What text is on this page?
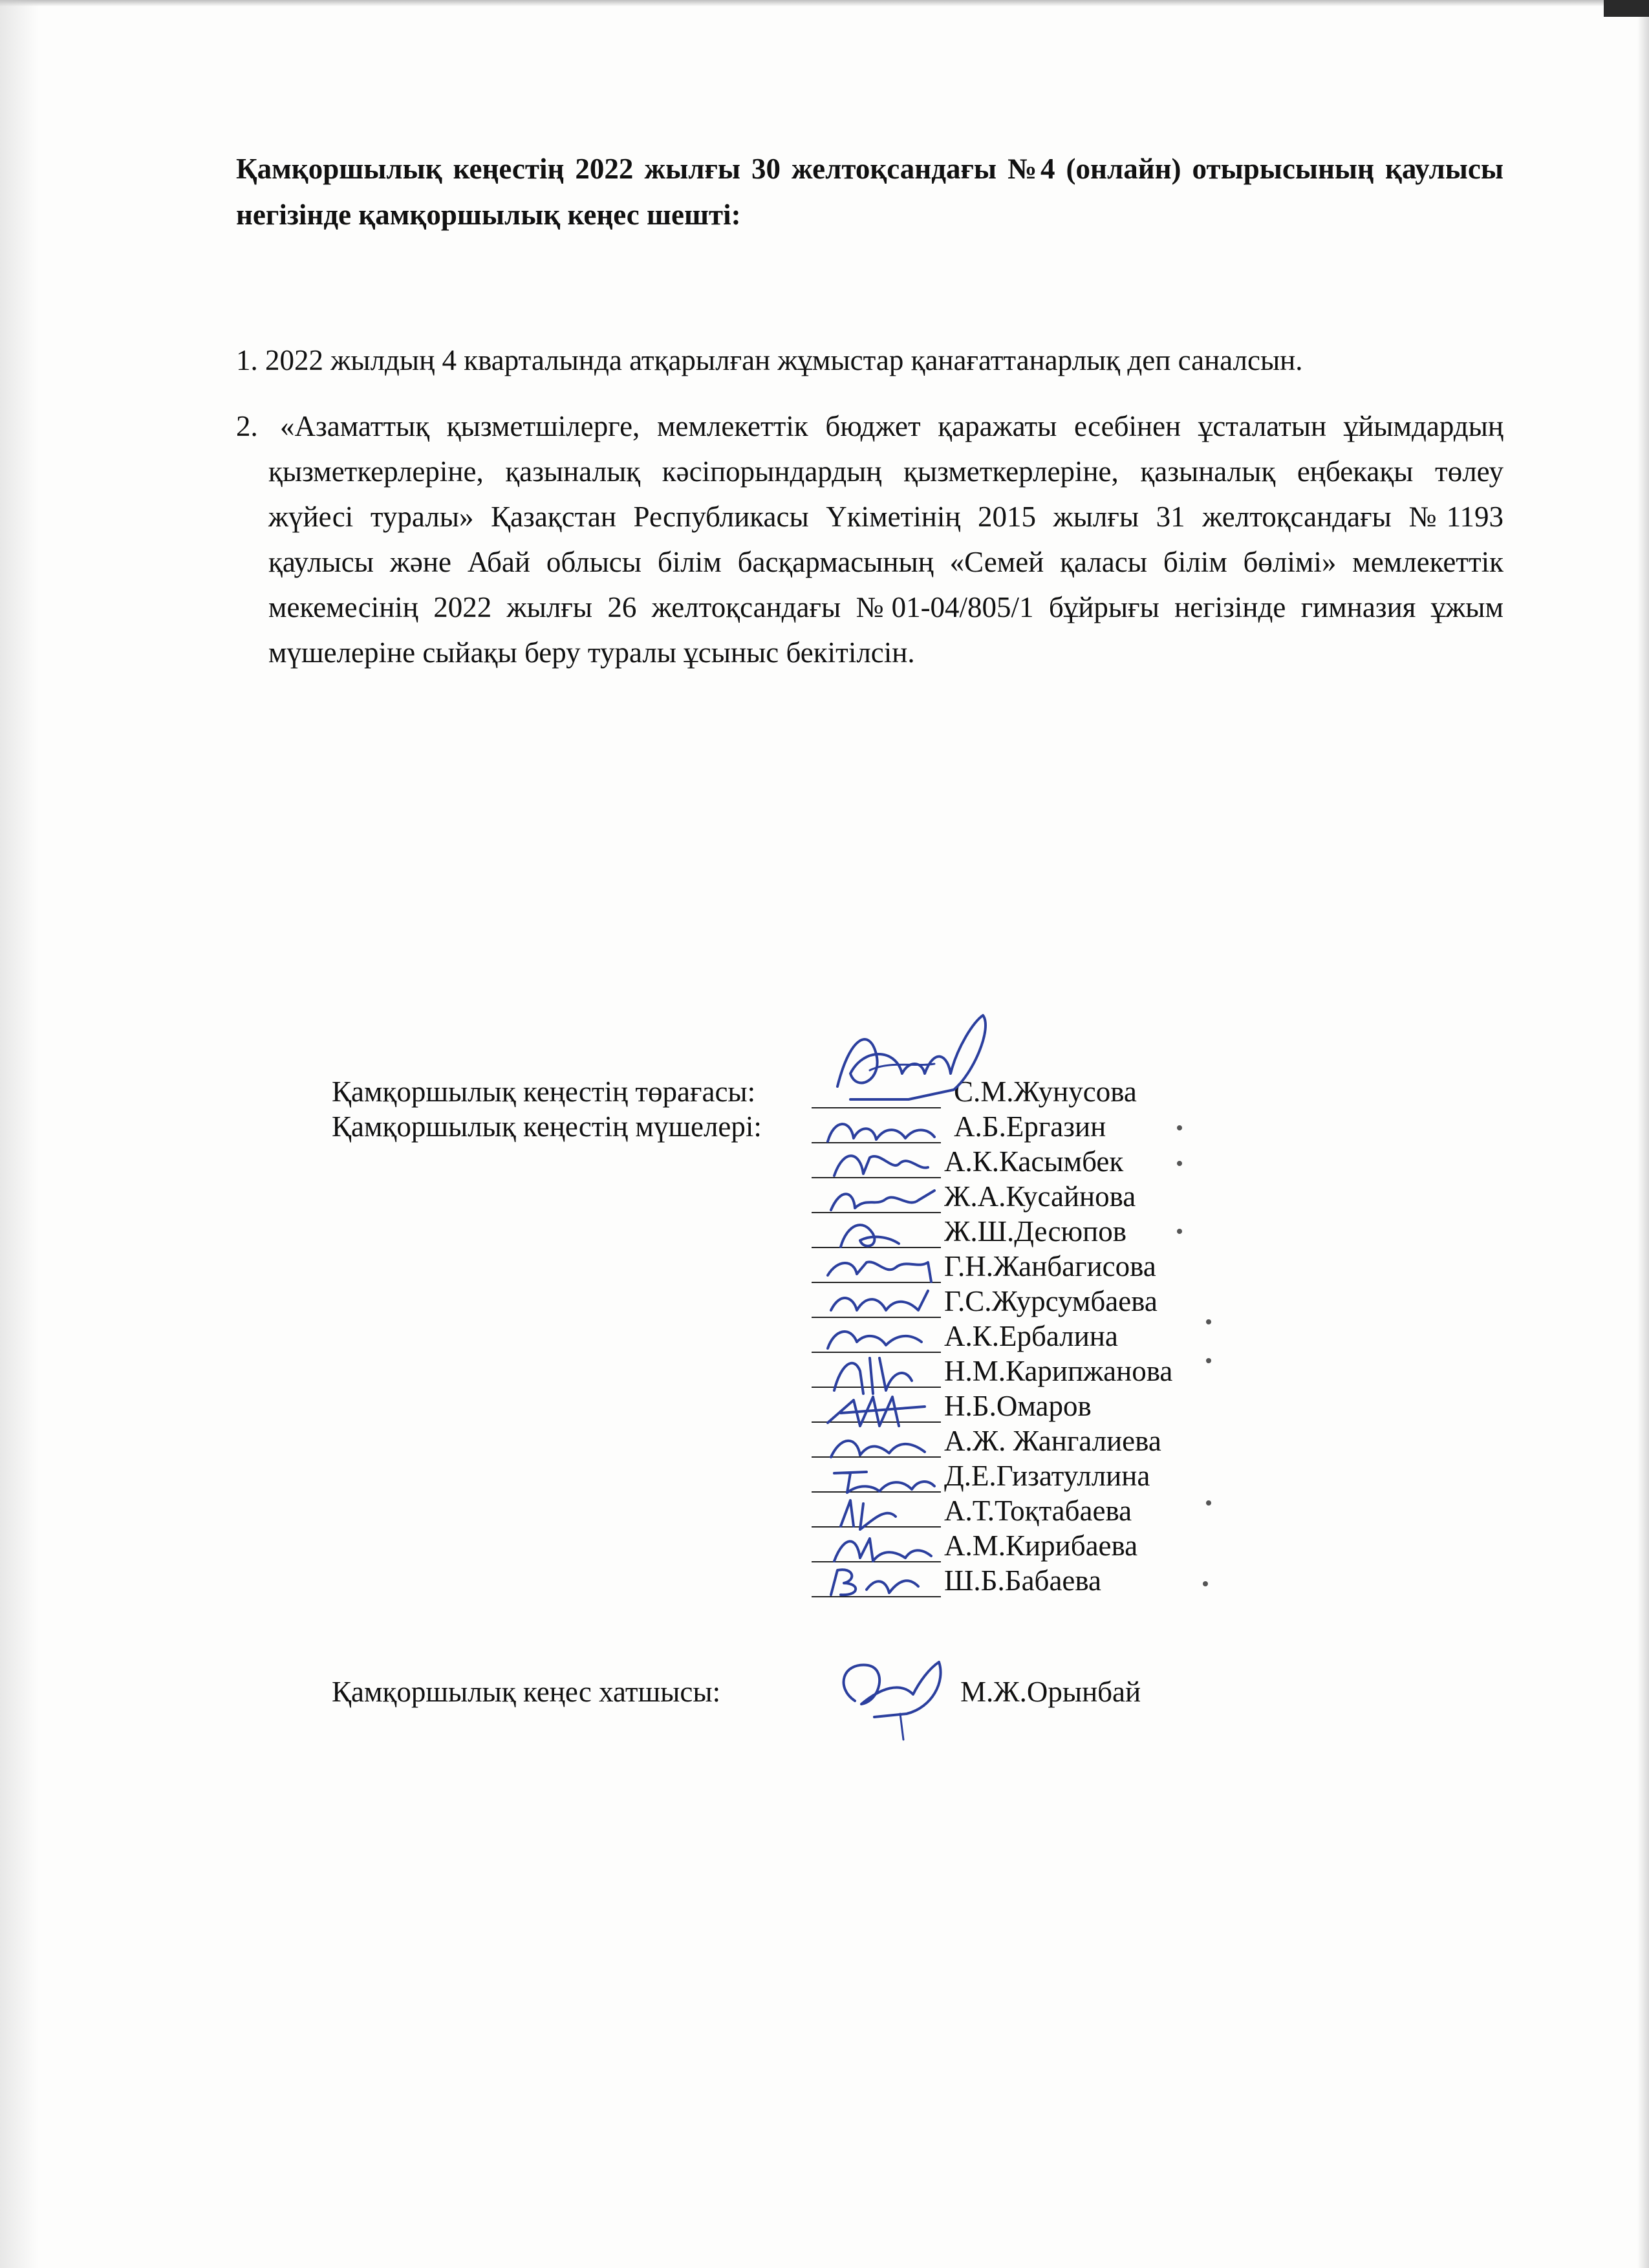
Қамқоршылық кеңестің 2022 жылғы 30 желтоқсандағы №4 (онлайн) отырысының қаулысы негізінде қамқоршылық кеңес шешті:
1. 2022 жылдың 4 кварталында атқарылған жұмыстар қанағаттанарлық деп саналсын.
2. «Азаматтық қызметшілерге, мемлекеттік бюджет қаражаты есебінен ұсталатын ұйымдардың қызметкерлеріне, қазыналық кәсіпорындардың қызметкерлеріне, қазыналық еңбекақы төлеу жүйесі туралы» Қазақстан Республикасы Үкіметінің 2015 жылғы 31 желтоқсандағы №1193 қаулысы және Абай облысы білім басқармасының «Семей қаласы білім бөлімі» мемлекеттік мекемесінің 2022 жылғы 26 желтоқсандағы №01-04/805/1 бұйрығы негізінде гимназия ұжым мүшелеріне сыйақы беру туралы ұсыныс бекітілсін.
Қамқоршылық кеңестің төрағасы:	С.М.Жунусова
Қамқоршылық кеңестің мүшелері:	А.Б.Ергазин
А.К.Касымбек
Ж.А.Кусайнова
Ж.Ш.Десюпов
Г.Н.Жанбагисова
Г.С.Журсумбаева
А.К.Ербалина
Н.М.Карипжанова
Н.Б.Омаров
А.Ж. Жангалиева
Д.Е.Гизатуллина
А.Т.Тоқтабаева
А.М.Кирибаева
Ш.Б.Бабаева
Қамқоршылық кеңес хатшысы:	М.Ж.Орынбай
